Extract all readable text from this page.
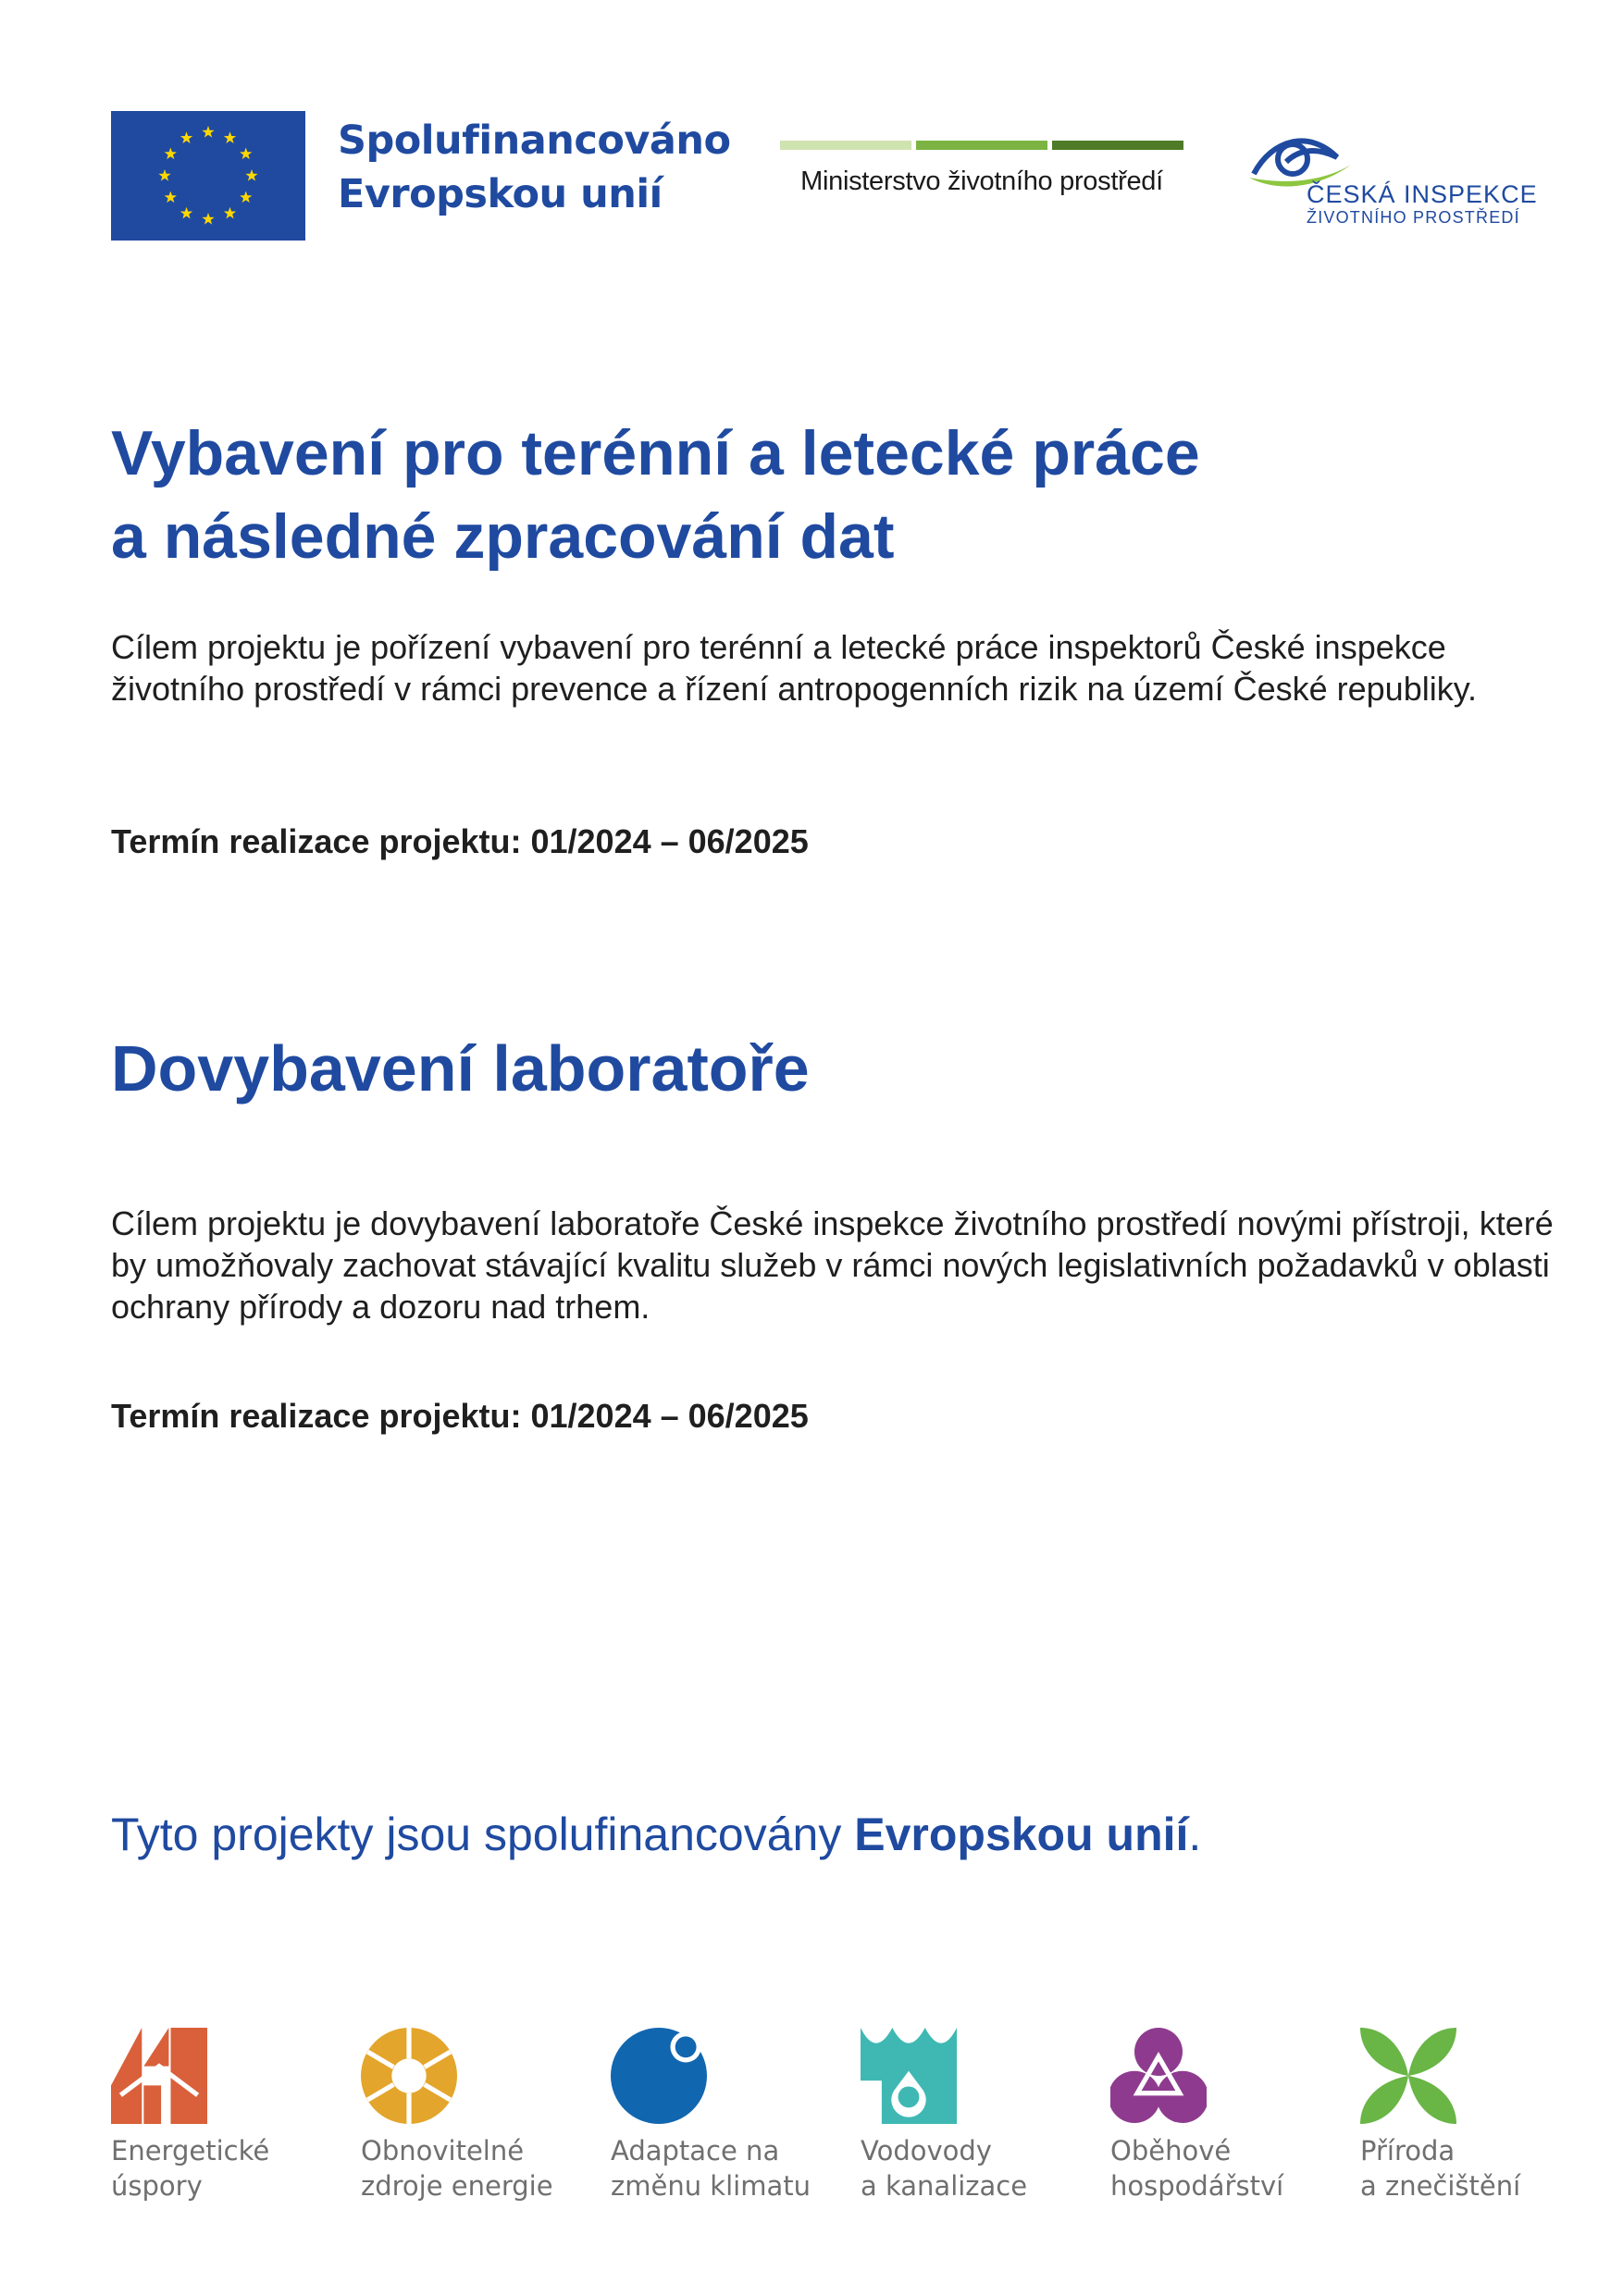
Spolufinancováno
Evropskou unií	Ministerstvo životního prostředí	ČESKÁ INSPEKCE
ŽIVOTNÍHO PROSTŘEDÍ
Vybavení pro terénní a letecké práce
a následné zpracování dat
Cílem projektu je pořízení vybavení pro terénní a letecké práce inspektorů České inspekce životního prostředí v rámci prevence a řízení antropogenních rizik na území České republiky.
Termín realizace projektu: 01/2024 – 06/2025
Dovybavení laboratoře
Cílem projektu je dovybavení laboratoře České inspekce životního prostředí novými přístroji, které by umožňovaly zachovat stávající kvalitu služeb v rámci nových legislativních požadavků v oblasti ochrany přírody a dozoru nad trhem.
Termín realizace projektu: 01/2024 – 06/2025
Tyto projekty jsou spolufinancovány Evropskou unií.
Energetické
úspory
Obnovitelné
zdroje energie
Adaptace na
změnu klimatu
Vodovody
a kanalizace
Oběhové
hospodářství
Příroda
a znečištění
